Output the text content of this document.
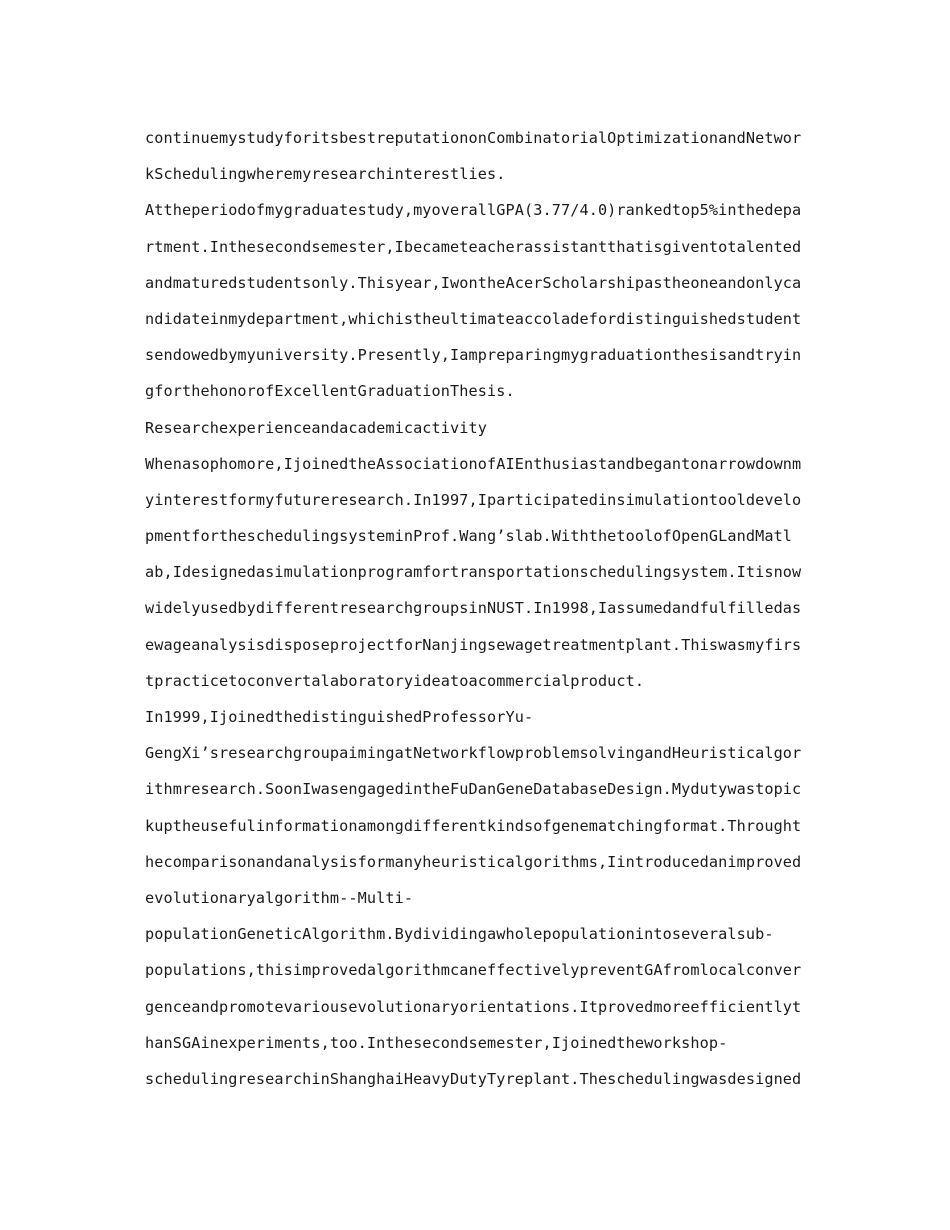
continuemystudyforitsbestreputationonCombinatorialOptimizationandNetwor
kSchedulingwheremyresearchinterestlies.
Attheperiodofmygraduatestudy,myoverallGPA(3.77/4.0)rankedtop5%inthedepa
rtment.Inthesecondsemester,Ibecameteacherassistantthatisgiventotalented
andmaturedstudentsonly.Thisyear,IwontheAcerScholarshipastheoneandonlyca
ndidateinmydepartment,whichistheultimateaccoladefordistinguishedstudent
sendowedbymyuniversity.Presently,Iampreparingmygraduationthesisandtryin
gforthehonorofExcellentGraduationThesis.
Researchexperienceandacademicactivity
Whenasophomore,IjoinedtheAssociationofAIEnthusiastandbegantonarrowdownm
yinterestformyfutureresearch.In1997,Iparticipatedinsimulationtooldevelo
pmentfortheschedulingsysteminProf.Wang’slab.WiththetoolofOpenGLandMatl
ab,Idesignedasimulationprogramfortransportationschedulingsystem.Itisnow
widelyusedbydifferentresearchgroupsinNUST.In1998,Iassumedandfulfilledas
ewageanalysisdisposeprojectforNanjingsewagetreatmentplant.Thiswasmyfirs
tpracticetoconvertalaboratoryideatoacommercialproduct.
In1999,IjoinedthedistinguishedProfessorYu-
GengXi’sresearchgroupaimingatNetworkflowproblemsolvingandHeuristicalgor
ithmresearch.SoonIwasengagedintheFuDanGeneDatabaseDesign.Mydutywastopic
kuptheusefulinformationamongdifferentkindsofgenematchingformat.Throught
hecomparisonandanalysisformanyheuristicalgorithms,Iintroducedanimproved
evolutionaryalgorithm--Multi-
populationGeneticAlgorithm.Bydividingawholepopulationintoseveralsub-
populations,thisimprovedalgorithmcaneffectivelypreventGAfromlocalconver
genceandpromotevariousevolutionaryorientations.Itprovedmoreefficientlyt
hanSGAinexperiments,too.Inthesecondsemester,Ijoinedtheworkshop-
schedulingresearchinShanghaiHeavyDutyTyreplant.Theschedulingwasdesigned
